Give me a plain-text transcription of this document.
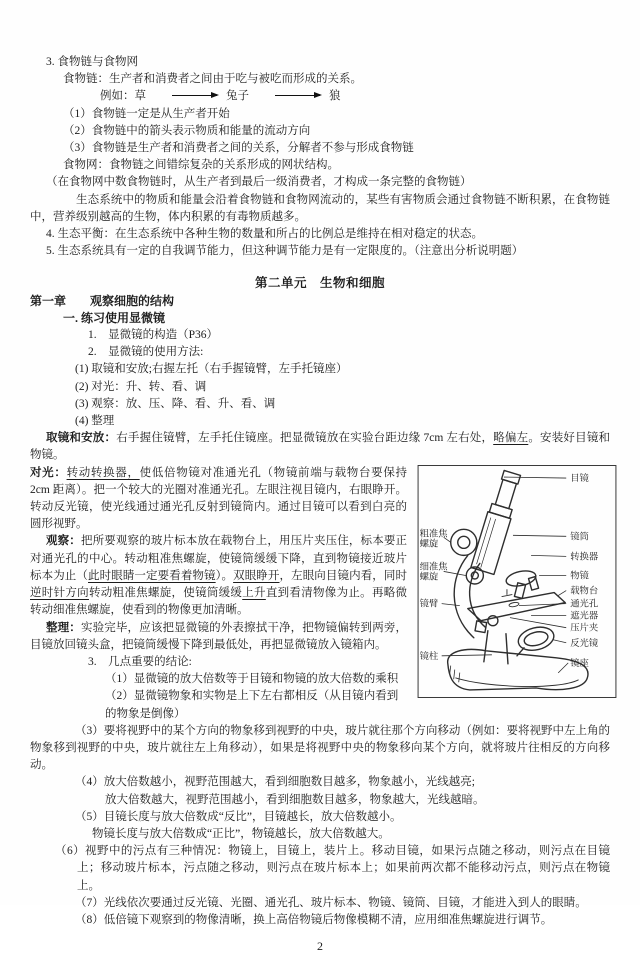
3. 食物链与食物网
食物链：生产者和消费者之间由于吃与被吃而形成的关系。
例如：草	兔子	狼
（1）食物链一定是从生产者开始
（2）食物链中的箭头表示物质和能量的流动方向
（3）食物链是生产者和消费者之间的关系，分解者不参与形成食物链
食物网：食物链之间错综复杂的关系形成的网状结构。
（在食物网中数食物链时，从生产者到最后一级消费者，才构成一条完整的食物链）

生态系统中的物质和能量会沿着食物链和食物网流动的，某些有害物质会通过食物链不断积累，在食物链中，营养级别越高的生物，体内积累的有毒物质越多。

4. 生态平衡：在生态系统中各种生物的数量和所占的比例总是维持在相对稳定的状态。
5. 生态系统具有一定的自我调节能力，但这种调节能力是有一定限度的。（注意出分析说明题）
第二单元　生物和细胞
第一章　　观察细胞的结构
一. 练习使用显微镜
1.　显微镜的构造（P36）
2.　显微镜的使用方法:
(1) 取镜和安放;右握左托（右手握镜臂，左手托镜座）
(2) 对光：升、转、看、调
(3) 观察：放、压、降、看、升、看、调
(4) 整理

取镜和安放：右手握住镜臂，左手托住镜座。把显微镜放在实验台距边缘 7cm 左右处，略偏左。安装好目镜和物镜。

目镜
镜筒
转换器
物镜
载物台
通光孔
遮光器
压片夹
反光镜
镜座
粗准焦
螺旋
细准焦
螺旋
镜臂
镜柱

对光：转动转换器，使低倍物镜对准通光孔（物镜前端与载物台要保持 2cm 距离）。把一个较大的光圈对准通光孔。左眼注视目镜内，右眼睁开。转动反光镜，使光线通过通光孔反射到镜筒内。通过目镜可以看到白亮的圆形视野。

观察：把所要观察的玻片标本放在载物台上，用压片夹压住，标本要正对通光孔的中心。转动粗准焦螺旋，使镜筒缓缓下降，直到物镜接近玻片标本为止（此时眼睛一定要看着物镜）。双眼睁开，左眼向目镜内看，同时逆时针方向转动粗准焦螺旋，使镜筒缓缓上升直到看清物像为止。再略微转动细准焦螺旋，使看到的物像更加清晰。

整理：实验完毕，应该把显微镜的外表擦拭干净，把物镜偏转到两旁，目镜放回镜头盒，把镜筒缓慢下降到最低处，再把显微镜放入镜箱内。

3.　几点重要的结论:
（1）显微镜的放大倍数等于目镜和物镜的放大倍数的乘积
（2）显微镜物象和实物是上下左右都相反（从目镜内看到的物象是倒像）

（3）要将视野中的某个方向的物象移到视野的中央，玻片就往那个方向移动（例如：要将视野中左上角的物象移到视野的中央，玻片就往左上角移动），如果是将视野中央的物象移向某个方向，就将玻片往相反的方向移动。

（4）放大倍数越小，视野范围越大，看到细胞数目越多，物象越小，光线越亮;
放大倍数越大，视野范围越小，看到细胞数目越多，物象越大，光线越暗。
（5）目镜长度与放大倍数成“反比”，目镜越长，放大倍数越小。
物镜长度与放大倍数成“正比”，物镜越长，放大倍数越大。

（6）视野中的污点有三种情况：物镜上，目镜上，装片上。移动目镜，如果污点随之移动，则污点在目镜上；移动玻片标本，污点随之移动，则污点在玻片标本上；如果前两次都不能移动污点，则污点在物镜上。

（7）光线依次要通过反光镜、光圈、通光孔、玻片标本、物镜、镜筒、目镜，才能进入到人的眼睛。
（8）低倍镜下观察到的物像清晰，换上高倍物镜后物像模糊不清，应用细准焦螺旋进行调节。
2
